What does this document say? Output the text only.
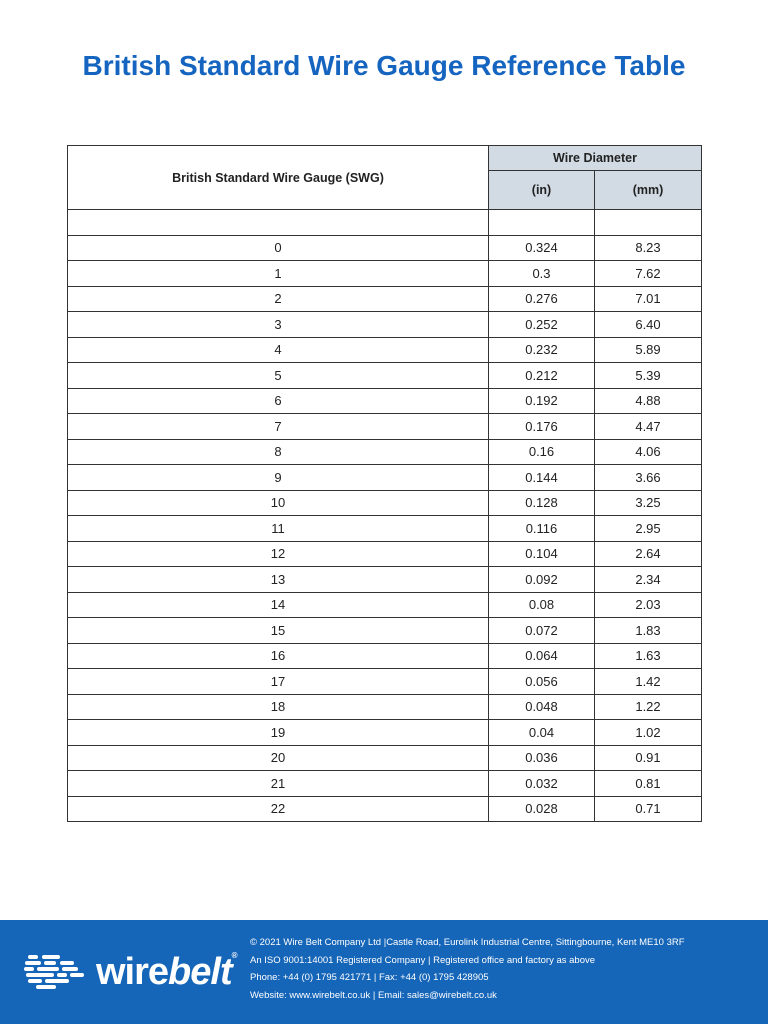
British Standard Wire Gauge Reference Table
British Standard Wire Gauge (SWG)	Wire Diameter	
	(in)	(mm)

0	0.324	8.23
1	0.3	7.62
2	0.276	7.01
3	0.252	6.40
4	0.232	5.89
5	0.212	5.39
6	0.192	4.88
7	0.176	4.47
8	0.16	4.06
9	0.144	3.66
10	0.128	3.25
11	0.116	2.95
12	0.104	2.64
13	0.092	2.34
14	0.08	2.03
15	0.072	1.83
16	0.064	1.63
17	0.056	1.42
18	0.048	1.22
19	0.04	1.02
20	0.036	0.91
21	0.032	0.81
22	0.028	0.71
wirebelt®
© 2021 Wire Belt Company Ltd |Castle Road, Eurolink Industrial Centre, Sittingbourne, Kent ME10 3RF
An ISO 9001:14001 Registered Company | Registered office and factory as above
Phone: +44 (0) 1795 421771 | Fax: +44 (0) 1795 428905
Website: www.wirebelt.co.uk | Email: sales@wirebelt.co.uk
